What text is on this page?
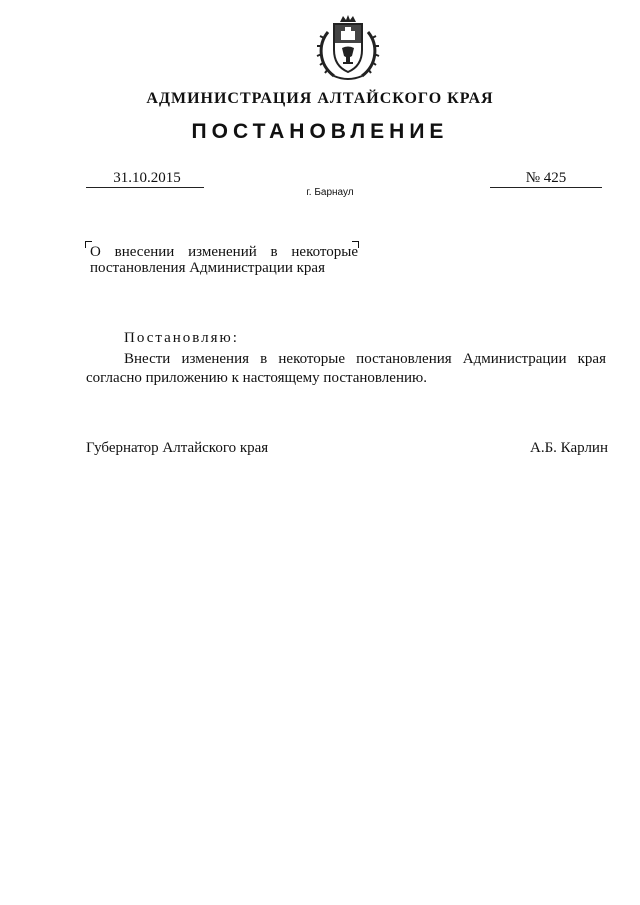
АДМИНИСТРАЦИЯ АЛТАЙСКОГО КРАЯ
ПОСТАНОВЛЕНИЕ
31.10.2015	№ 425
г. Барнаул
О внесении изменений в некоторые
постановления Администрации края
Постановляю:
Внести изменения в некоторые постановления Администрации края согласно приложению к настоящему постановлению.
Губернатор Алтайского края	А.Б. Карлин
